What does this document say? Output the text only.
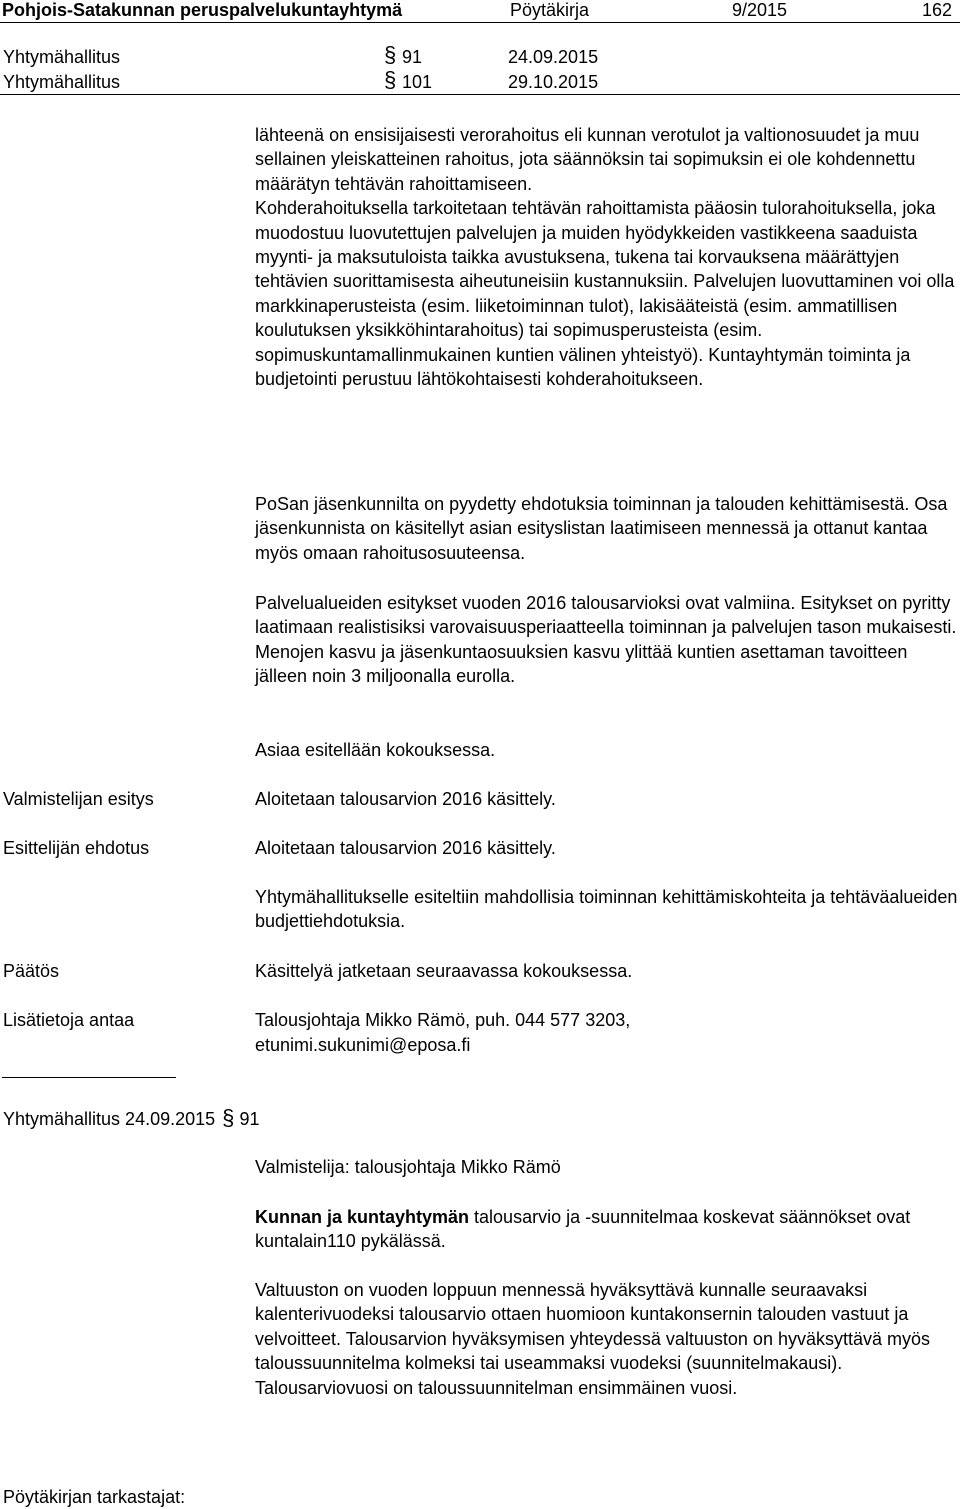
Pohjois-Satakunnan peruspalvelukuntayhtymä	Pöytäkirja	9/2015	162
Yhtymähallitus	§ 91	24.09.2015
Yhtymähallitus	§ 101	29.10.2015

lähteenä on ensisijaisesti verorahoitus eli kunnan verotulot ja valtionosuudet ja muu sellainen yleiskatteinen rahoitus, jota säännöksin tai sopimuksin ei ole kohdennettu määrätyn tehtävän rahoittamiseen.

Kohderahoituksella tarkoitetaan tehtävän rahoittamista pääosin tulorahoituksella, joka muodostuu luovutettujen palvelujen ja muiden hyödykkeiden vastikkeena saaduista myynti- ja maksutuloista taikka avustuksena, tukena tai korvauksena määrättyjen tehtävien suorittamisesta aiheutuneisiin kustannuksiin. Palvelujen luovuttaminen voi olla markkinaperusteista (esim. liiketoiminnan tulot), lakisääteistä (esim. ammatillisen koulutuksen yksikköhintarahoitus) tai sopimusperusteista (esim. sopimuskuntamallinmukainen kuntien välinen yhteistyö). Kuntayhtymän toiminta ja budjetointi perustuu lähtökohtaisesti kohderahoitukseen.

PoSan jäsenkunnilta on pyydetty ehdotuksia toiminnan ja talouden kehittämisestä. Osa jäsenkunnista on käsitellyt asian esityslistan laatimiseen mennessä ja ottanut kantaa myös omaan rahoitusosuuteensa.

Palvelualueiden esitykset vuoden 2016 talousarvioksi ovat valmiina. Esitykset on pyritty laatimaan realistisiksi varovaisuusperiaatteella toiminnan ja palvelujen tason mukaisesti. Menojen kasvu ja jäsenkuntaosuuksien kasvu ylittää kuntien asettaman tavoitteen jälleen noin 3 miljoonalla eurolla.

Asiaa esitellään kokouksessa.
Valmistelijan esitys	Aloitetaan talousarvion 2016 käsittely.
Esittelijän ehdotus	Aloitetaan talousarvion 2016 käsittely.

Yhtymähallitukselle esiteltiin mahdollisia toiminnan kehittämiskohteita ja tehtäväalueiden budjettiehdotuksia.

Päätös	Käsittelyä jatketaan seuraavassa kokouksessa.
Lisätietoja antaa	Talousjohtaja Mikko Rämö, puh. 044 577 3203,
etunimi.sukunimi@eposa.fi
Yhtymähallitus 24.09.2015 § 91
Valmistelija: talousjohtaja Mikko Rämö

Kunnan ja kuntayhtymän talousarvio ja -suunnitelmaa koskevat säännökset ovat kuntalain110 pykälässä.

Valtuuston on vuoden loppuun mennessä hyväksyttävä kunnalle seuraavaksi kalenterivuodeksi talousarvio ottaen huomioon kuntakonsernin talouden vastuut ja velvoitteet. Talousarvion hyväksymisen yhteydessä valtuuston on hyväksyttävä myös taloussuunnitelma kolmeksi tai useammaksi vuodeksi (suunnitelmakausi). Talousarviovuosi on taloussuunnitelman ensimmäinen vuosi.

Pöytäkirjan tarkastajat:
